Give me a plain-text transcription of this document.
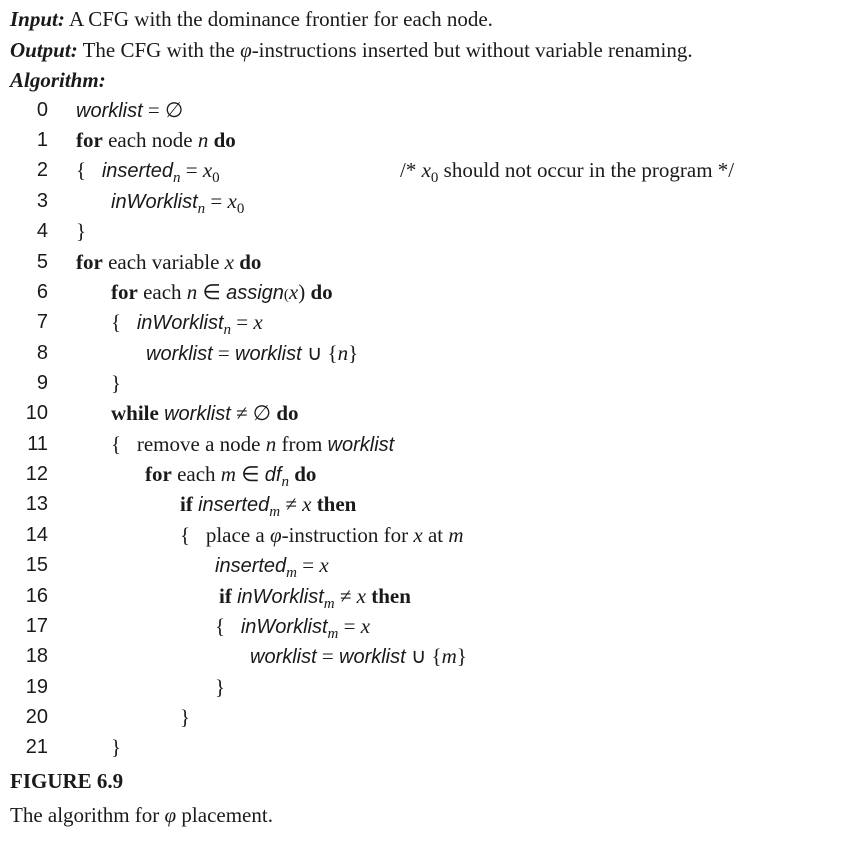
Input: A CFG with the dominance frontier for each node.
Output: The CFG with the φ-instructions inserted but without variable renaming.
Algorithm:
0
1
2
3
4
5
6
7
8
9
10
11
12
13
14
15
16
17
18
19
20
21
worklist = ∅
for each node n do
{   inserted$_n$ = $x_0$	/* $x_0$ should not occur in the program */
inWorklist$_n$ = $x_0$
}
for each variable x do
for each n ∈ assign(x) do
{   inWorklist$_n$ = x
worklist = worklist ∪ {n}
}
while worklist ≠ ∅ do
{   remove a node n from worklist
for each m ∈ $df_n$ do
if inserted$_m$ ≠ x then
{   place a φ-instruction for x at m
inserted$_m$ = x
if inWorklist$_m$ ≠ x then
{   inWorklist$_m$ = x
worklist = worklist ∪ {m}
}
}
}
FIGURE 6.9
The algorithm for φ placement.
